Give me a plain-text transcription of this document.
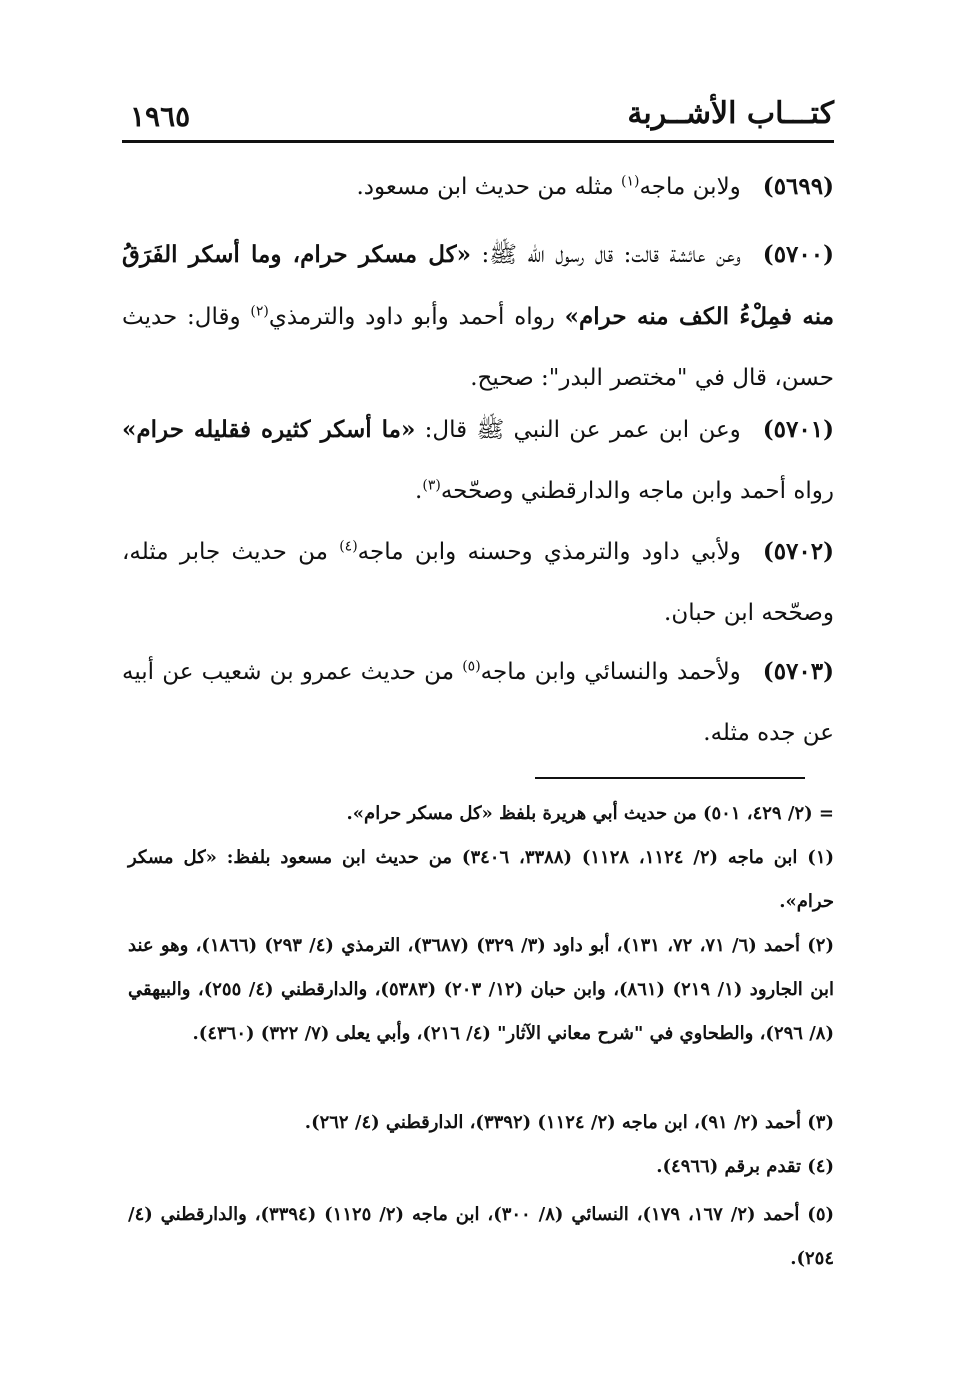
كتـــاب الأشــربة
١٩٦٥
(٥٦٩٩)ولابن ماجه$^{(١)}$ مثله من حديث ابن مسعود.
(٥٧٠٠)وعن عائشة قالت: قال رسول الله ﷺ: «كل مسكر حرام، وما أسكر الفَرَقُ منه فمِلْءُ الكف منه حرام» رواه أحمد وأبو داود والترمذي$^{(٢)}$ وقال: حديث حسن، قال في "مختصر البدر": صحيح.
(٥٧٠١)وعن ابن عمر عن النبي ﷺ قال: «ما أسكر كثيره فقليله حرام» رواه أحمد وابن ماجه والدارقطني وصحّحه$^{(٣)}$.
(٥٧٠٢)ولأبي داود والترمذي وحسنه وابن ماجه$^{(٤)}$ من حديث جابر مثله، وصحّحه ابن حبان.
(٥٧٠٣)ولأحمد والنسائي وابن ماجه$^{(٥)}$ من حديث عمرو بن شعيب عن أبيه عن جده مثله.
= (٢/ ٤٢٩، ٥٠١) من حديث أبي هريرة بلفظ «كل مسكر حرام».
(١) ابن ماجه (٢/ ١١٢٤، ١١٢٨) (٣٣٨٨، ٣٤٠٦) من حديث ابن مسعود بلفظ: «كل مسكر حرام».
(٢) أحمد (٦/ ٧١، ٧٢، ١٣١)، أبو داود (٣/ ٣٢٩) (٣٦٨٧)، الترمذي (٤/ ٢٩٣) (١٨٦٦)، وهو عند ابن الجارود (١/ ٢١٩) (٨٦١)، وابن حبان (١٢/ ٢٠٣) (٥٣٨٣)، والدارقطني (٤/ ٢٥٥)، والبيهقي (٨/ ٢٩٦)، والطحاوي في "شرح معاني الآثار" (٤/ ٢١٦)، وأبي يعلى (٧/ ٣٢٢) (٤٣٦٠).
(٣) أحمد (٢/ ٩١)، ابن ماجه (٢/ ١١٢٤) (٣٣٩٢)، الدارقطني (٤/ ٢٦٢).
(٤) تقدم برقم (٤٩٦٦).
(٥) أحمد (٢/ ١٦٧، ١٧٩)، النسائي (٨/ ٣٠٠)، ابن ماجه (٢/ ١١٢٥) (٣٣٩٤)، والدارقطني (٤/ ٢٥٤).
